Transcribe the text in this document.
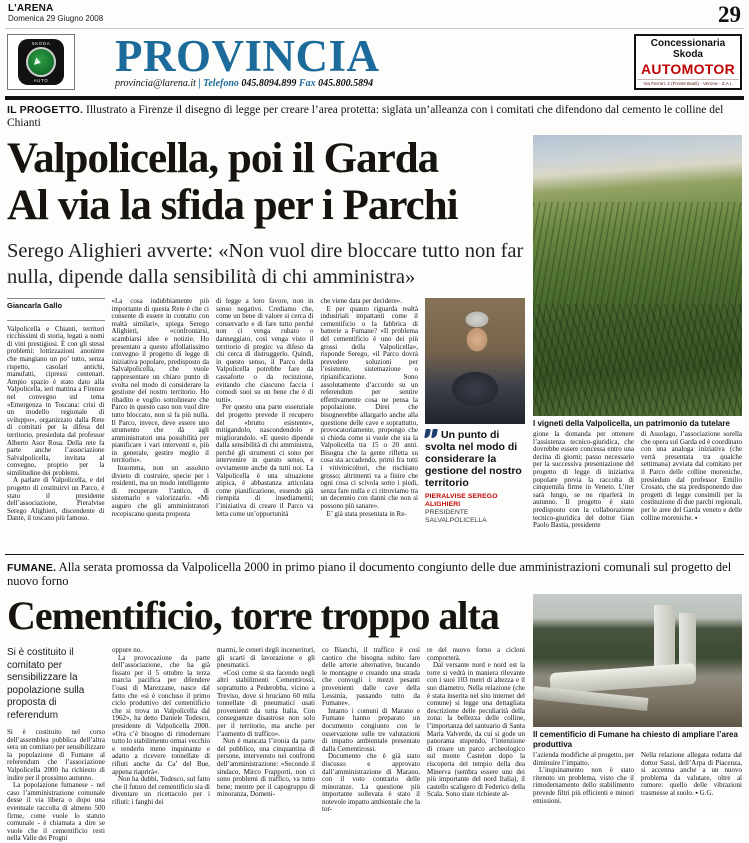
L'ARENA
Domenica 29 Giugno 2008	29
SKODA
AUTO	PROVINCIA
provincia@larena.it | Telefono 045.8094.899 Fax 045.800.5894
Concessionaria
Skoda
AUTOMOTOR
Via Ferrari, 2 (Fronte Bauli) - Verona - Z.A.I.

IL PROGETTO. Illustrato a Firenze il disegno di legge per creare l’area protetta: siglata un’alleanza con i comitati che difendono dal cemento le colline del Chianti

Valpolicella, poi il Garda
Al via la sfida per i Parchi
Serego Alighieri avverte: «Non vuol dire bloccare tutto non far nulla, dipende dalla sensibilità di chi amministra»
Giancarla Gallo

Valpolicella e Chianti, territori ricchissimi di storia, legati a nomi di vini prestigiosi. È con gli stessi problemi: lottizzazioni anonime che mangiano un po’ tutto, senza rispetto, casolari antichi, manufatti, cipressi centenari. Ampio spazio è stato dato alla Valpolicella, ieri mattina a Firenze nel convegno sul tema «Emergenza in Toscana: crisi di un modello regionale di sviluppo», organizzato dalla Rete di comitati per la difesa del territorio, presieduta dal professor Alberto Asor Rosa. Della rete fa parte anche l’associazione Salvalpolicella, invitata al convegno, proprio per la similitudine dei problemi.

A parlare di Valpolicella, e del progetto di costituirvi un Parco, è stato il presidente dell’associazione, Pieralvise Serego Alighieri, discendente di Dante, il toscano più famoso.

«La cosa indubbiamente più importante di questa Rete è che ci consente di essere in contatto con realtà similari», spiega Serego Alighieri, «confrontarsi, scambiarsi idee e notizie. Ho presentato a questo affollatissimo convegno il progetto di legge di iniziativa popolare, predisposto da Salvalpolicella, che vuole rappresentare un chiaro punto di svolta nel modo di considerare la gestione del nostro territorio. Ho ribadito e voglio sottolineare che Parco in questo caso non vuol dire tutto bloccato, non si fa più nulla. Il Parco, invece, deve essere uno strumento che dà agli amministratori una possibilità per pianificare i vari interventi e, più in generale, gestire meglio il territorio».

Insomma, non un assoluto divieto di costruire, specie per i residenti, ma un modo intelligente di recuperare l’antico, di sistemarlo e valorizzarlo. «Mi auguro che gli amministratori recepiscano questa proposta

di legge a loro favore, non in senso negativo. Crediamo che, come un bene di valore si cerca di conservarlo e di fare tutto perché non ci venga rubato o danneggiato, così venga visto il territorio di pregio: va difeso da chi cerca di distruggerlo. Quindi, in questo senso, il Parco della Valpolicella potrebbe fare da cassaforte o da recinzione, evitando che ciascuno faccia i comodi suoi su un bene che è di tutti».

Per questo una parte essenziale del progetto prevede il recupero del «brutto esistente», mitigandolo, nascondendolo e migliorandolo. «E questo dipende dalla sensibilità di chi amministra, perché gli strumenti ci sono per intervenire in questo senso, e ovviamente anche da tutti noi. La Valpolicella è una situazione atipica, è abbastanza articolata come pianificazione, essendo già riempita di insediamenti; l’iniziativa di creare il Parco va letta come un’opportunità

che viene data per decidere».

E per quanto riguarda realtà industriali impattanti come il cementificio o la fabbrica di batterie a Fumane? «Il problema del cementificio è uno dei più grossi della Valpolicella», risponde Serego, «il Parco dovrà prevedere soluzioni per l’esistente, sistemazione o ripianificazione. Sono assolutamente d’accordo su un referendum per sentire effettivamente cosa ne pensa la popolazione. Direi che bisognerebbe allargarlo anche alla questione delle cave e soprattutto, provocatoriamente, propongo che si chieda come si vuole che sia la Valpolicella tra 15 o 20 anni. Bisogna che la gente rifletta su cosa sta accadendo, primi fra tutti i vitivinicoltori, che rischiano grosso; altrimenti va a finire che ogni cosa ci scivola sotto i piedi, senza fare nulla e ci ritroviamo tra un decennio con danni che non si possono più sanare».

E’ già stata presentata in Re-

Un punto di svolta nel modo di considerare la gestione del nostro territorio
PIERALVISE SEREGO ALIGHIERI
PRESIDENTE
SALVALPOLICELLA
I vigneti della Valpolicella, un patrimonio da tutelare

gione la domanda per ottenere l’assistenza tecnico-giuridica, che dovrebbe essere concessa entro una decina di giorni; passo necessario per la successiva presentazione del progetto di legge di iniziativa popolare previa la raccolta di cinquemila firme in Veneto. L’iter sarà lungo, se ne riparlerà in autunno. Il progetto è stato predisposto con la collaborazione tecnico-giuridica del dottor Gian Paolo Bastia, presidente

di Assolago, l’associazione sorella che opera sul Garda ed è coordinato con una analoga iniziativa (che verrà presentata tra qualche settimana) avviata dal comitato per il Parco delle colline moreniche, presieduto dal professor Emilio Crosato, che sta predisponendo due progetti di legge consimili per la costituzione di due parchi regionali, per le aree del Garda veneto e delle colline moreniche. ▪

FUMANE. Alla serata promossa da Valpolicella 2000 in primo piano il documento congiunto delle due amministrazioni comunali sul progetto del nuovo forno

Cementificio, torre troppo alta
Si è costituito il comitato per sensibilizzare la popolazione sulla proposta di referendum

Si è costituito nel corso dell’assemblea pubblica dell’altra sera un comitato per sensibilizzare la popolazione di Fumane al referendum che l’associazione Valpolicella 2000 ha richiesto di indire per il prossimo autunno.

La popolazione fumanese - nel caso l’amministrazione comunale desse il via libera o dopo una eventuale raccolta di almeno 500 firme, come vuole lo statuto comunale - è chiamata a dire se vuole che il cementificio resti nella Valle dei Progni

oppure no.

La provocazione da parte dell’associazione, che ha già fissato per il 5 ottobre la terza marcia pacifica per difendere l’oasi di Marezzane, nasce dal fatto che «si è concluso il primo ciclo produttivo del cementificio che si trova in Valpolicella dal 1962», ha detto Daniele Todesco, presidente di Valpolicella 2000. «Ora c’è bisogno di rimodernare tutto lo stabilimento ormai vecchio e renderlo meno inquinante e adatto a ricevere tonnellate di rifiuti anche da Ca’ del Bue, appena riaprirà».

Non ha dubbi, Todesco, sul fatto che il futuro del cementificio sia di diventare un ricettacolo per i rifiuti: i fanghi dei

marmi, le ceneri degli inceneritori, gli scarti di lavorazione e gli pneumatici.

«Così come si sta facendo negli altri stabilimenti Cementirossi, soprattutto a Pederobba, vicino a Treviso, dove si bruciano 60 mila tonnellate di pneumatici usati provenienti da tutta Italia. Con conseguenze disastrose non solo per il territorio, ma anche per l’aumento di traffico».

Non è mancata l’ironia da parte del pubblico, una cinquantina di persone, intervenuto nei confronti dell’amministrazione: «Secondo il sindaco, Mirco Frapporti, non ci sono problemi di traffico, va tutto bene; mentre per il capogruppo di minoranza, Domeni-

co Bianchi, il traffico è così caotico che bisogna subito fare delle arterie alternative, bucando le montagne e creando una strada che convogli i mezzi pesanti provenienti dalle cave della Lessinia, passando tutto da Fumane».

Intanto i comuni di Marano e Fumane hanno preparato un documento congiunto con le osservazione sulle tre valutazioni di impatto ambientale presentate dalla Cementirossi.

Documento che è già stato discusso e approvato dall’amministrazione di Marano, con il voto contrario delle minoranze. La questione più importante sollevata è stato il notevole impatto ambientale che la tor-

re del nuovo forno a cicloni comporterà.

Dal versante nord e nord est la torre si vedrà in maniera rilevante con i suoi 103 metri di altezza e il suo diametro. Nella relazione (che è stata inserita nel sito internet del comune) si legge una dettagliata descrizione delle peculiarità della zona: la bellezza delle colline, l’importanza del santuario di Santa Maria Valverde, da cui si gode un panorama stupendo, l’intenzione di creare un parco archeologico sul monte Castelon dopo la riscoperta del tempio della dea Minerva (sembra essere uno dei più importante del nord Italia), il castello scaligero di Federico della Scala. Sono state richieste al-

Il cementificio di Fumane ha chiesto di ampliare l’area produttiva

l’azienda modifiche al progetto, per diminuire l’impatto.

L’inquinamento non è stato ritenuto un problema, visto che il rimodernamento dello stabilimento prevede filtri più efficienti e minori emissioni.

Nella relazione allegata redatta dal dottor Sassi, dell’Arpa di Piacenza, si accenna anche a un nuovo problema da valutare, oltre al rumore: quello delle vibrazioni trasmesse al suolo. ▪ G.G.
